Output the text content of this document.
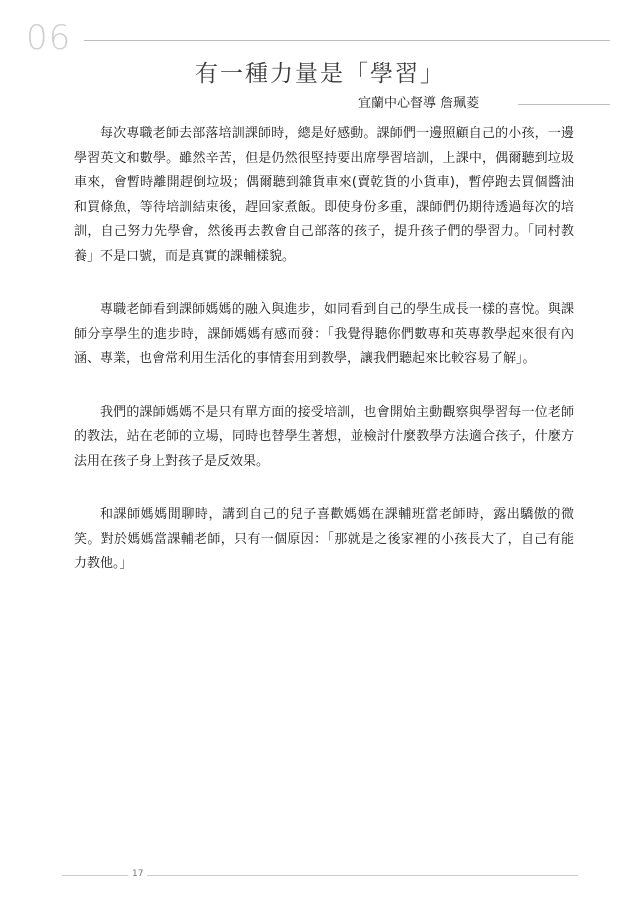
06
有一種力量是「學習」
宜蘭中心督導 詹珮菱

每次專職老師去部落培訓課師時，總是好感動。課師們一邊照顧自己的小孩，一邊學習英文和數學。雖然辛苦，但是仍然很堅持要出席學習培訓，上課中，偶爾聽到垃圾車來，會暫時離開趕倒垃圾；偶爾聽到雜貨車來(賣乾貨的小貨車)，暫停跑去買個醬油和買條魚，等待培訓結束後，趕回家煮飯。即使身份多重，課師們仍期待透過每次的培訓，自己努力先學會，然後再去教會自己部落的孩子，提升孩子們的學習力。「同村教養」不是口號，而是真實的課輔樣貌。

專職老師看到課師媽媽的融入與進步，如同看到自己的學生成長一樣的喜悅。與課師分享學生的進步時，課師媽媽有感而發：「我覺得聽你們數專和英專教學起來很有內涵、專業，也會常利用生活化的事情套用到教學，讓我們聽起來比較容易了解」。

我們的課師媽媽不是只有單方面的接受培訓，也會開始主動觀察與學習每一位老師的教法，站在老師的立場，同時也替學生著想，並檢討什麼教學方法適合孩子，什麼方法用在孩子身上對孩子是反效果。

和課師媽媽閒聊時，講到自己的兒子喜歡媽媽在課輔班當老師時，露出驕傲的微笑。對於媽媽當課輔老師，只有一個原因：「那就是之後家裡的小孩長大了，自己有能力教他。」

17
